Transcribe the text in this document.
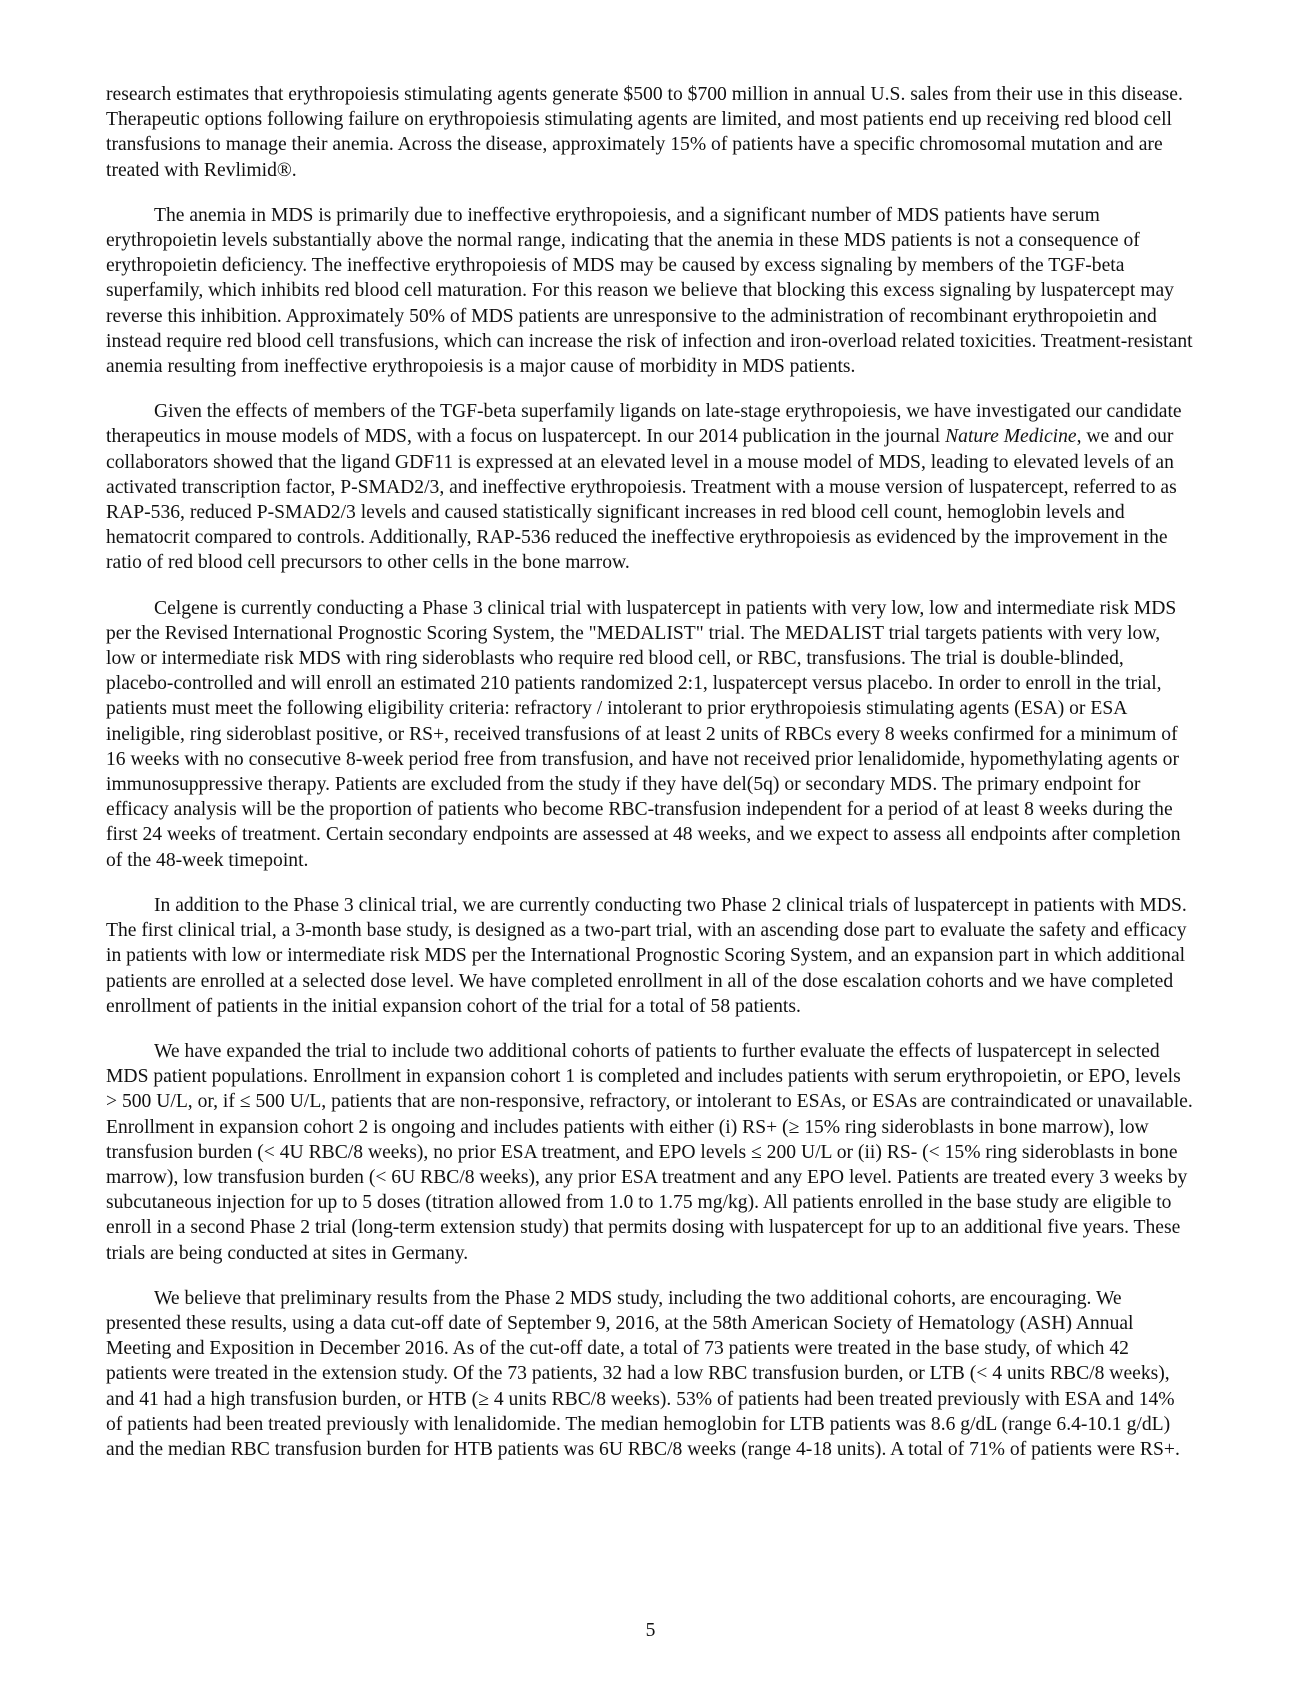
research estimates that erythropoiesis stimulating agents generate $500 to $700 million in annual U.S. sales from their use in this disease. Therapeutic options following failure on erythropoiesis stimulating agents are limited, and most patients end up receiving red blood cell transfusions to manage their anemia. Across the disease, approximately 15% of patients have a specific chromosomal mutation and are treated with Revlimid®.

The anemia in MDS is primarily due to ineffective erythropoiesis, and a significant number of MDS patients have serum erythropoietin levels substantially above the normal range, indicating that the anemia in these MDS patients is not a consequence of erythropoietin deficiency. The ineffective erythropoiesis of MDS may be caused by excess signaling by members of the TGF-beta superfamily, which inhibits red blood cell maturation. For this reason we believe that blocking this excess signaling by luspatercept may reverse this inhibition. Approximately 50% of MDS patients are unresponsive to the administration of recombinant erythropoietin and instead require red blood cell transfusions, which can increase the risk of infection and iron-overload related toxicities. Treatment-resistant anemia resulting from ineffective erythropoiesis is a major cause of morbidity in MDS patients.

Given the effects of members of the TGF-beta superfamily ligands on late-stage erythropoiesis, we have investigated our candidate therapeutics in mouse models of MDS, with a focus on luspatercept. In our 2014 publication in the journal Nature Medicine, we and our collaborators showed that the ligand GDF11 is expressed at an elevated level in a mouse model of MDS, leading to elevated levels of an activated transcription factor, P-SMAD2/3, and ineffective erythropoiesis. Treatment with a mouse version of luspatercept, referred to as RAP-536, reduced P-SMAD2/3 levels and caused statistically significant increases in red blood cell count, hemoglobin levels and hematocrit compared to controls. Additionally, RAP-536 reduced the ineffective erythropoiesis as evidenced by the improvement in the ratio of red blood cell precursors to other cells in the bone marrow.

Celgene is currently conducting a Phase 3 clinical trial with luspatercept in patients with very low, low and intermediate risk MDS per the Revised International Prognostic Scoring System, the "MEDALIST" trial. The MEDALIST trial targets patients with very low, low or intermediate risk MDS with ring sideroblasts who require red blood cell, or RBC, transfusions. The trial is double-blinded, placebo-controlled and will enroll an estimated 210 patients randomized 2:1, luspatercept versus placebo. In order to enroll in the trial, patients must meet the following eligibility criteria: refractory / intolerant to prior erythropoiesis stimulating agents (ESA) or ESA ineligible, ring sideroblast positive, or RS+, received transfusions of at least 2 units of RBCs every 8 weeks confirmed for a minimum of 16 weeks with no consecutive 8-week period free from transfusion, and have not received prior lenalidomide, hypomethylating agents or immunosuppressive therapy. Patients are excluded from the study if they have del(5q) or secondary MDS. The primary endpoint for efficacy analysis will be the proportion of patients who become RBC-transfusion independent for a period of at least 8 weeks during the first 24 weeks of treatment. Certain secondary endpoints are assessed at 48 weeks, and we expect to assess all endpoints after completion of the 48-week timepoint.

In addition to the Phase 3 clinical trial, we are currently conducting two Phase 2 clinical trials of luspatercept in patients with MDS. The first clinical trial, a 3-month base study, is designed as a two-part trial, with an ascending dose part to evaluate the safety and efficacy in patients with low or intermediate risk MDS per the International Prognostic Scoring System, and an expansion part in which additional patients are enrolled at a selected dose level. We have completed enrollment in all of the dose escalation cohorts and we have completed enrollment of patients in the initial expansion cohort of the trial for a total of 58 patients.

We have expanded the trial to include two additional cohorts of patients to further evaluate the effects of luspatercept in selected MDS patient populations. Enrollment in expansion cohort 1 is completed and includes patients with serum erythropoietin, or EPO, levels > 500 U/L, or, if ≤ 500 U/L, patients that are non-responsive, refractory, or intolerant to ESAs, or ESAs are contraindicated or unavailable. Enrollment in expansion cohort 2 is ongoing and includes patients with either (i) RS+ (≥ 15% ring sideroblasts in bone marrow), low transfusion burden (< 4U RBC/8 weeks), no prior ESA treatment, and EPO levels ≤ 200 U/L or (ii) RS- (< 15% ring sideroblasts in bone marrow), low transfusion burden (< 6U RBC/8 weeks), any prior ESA treatment and any EPO level. Patients are treated every 3 weeks by subcutaneous injection for up to 5 doses (titration allowed from 1.0 to 1.75 mg/kg). All patients enrolled in the base study are eligible to enroll in a second Phase 2 trial (long-term extension study) that permits dosing with luspatercept for up to an additional five years. These trials are being conducted at sites in Germany.

We believe that preliminary results from the Phase 2 MDS study, including the two additional cohorts, are encouraging. We presented these results, using a data cut-off date of September 9, 2016, at the 58th American Society of Hematology (ASH) Annual Meeting and Exposition in December 2016. As of the cut-off date, a total of 73 patients were treated in the base study, of which 42 patients were treated in the extension study. Of the 73 patients, 32 had a low RBC transfusion burden, or LTB (< 4 units RBC/8 weeks), and 41 had a high transfusion burden, or HTB (≥ 4 units RBC/8 weeks). 53% of patients had been treated previously with ESA and 14% of patients had been treated previously with lenalidomide. The median hemoglobin for LTB patients was 8.6 g/dL (range 6.4-10.1 g/dL) and the median RBC transfusion burden for HTB patients was 6U RBC/8 weeks (range 4-18 units). A total of 71% of patients were RS+.

5
